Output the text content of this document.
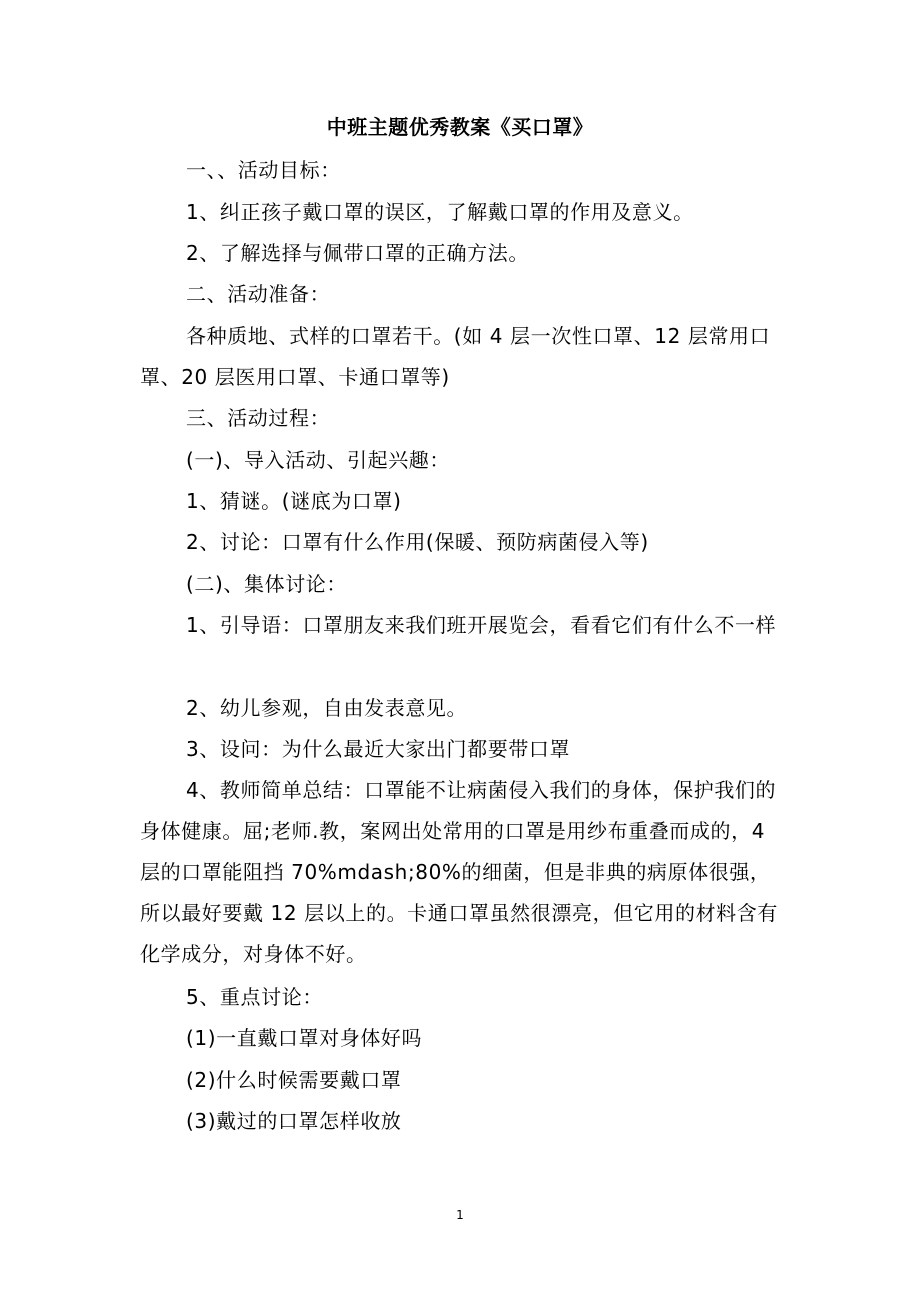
中班主题优秀教案《买口罩》

一、、活动目标：

1、纠正孩子戴口罩的误区，了解戴口罩的作用及意义。

2、了解选择与佩带口罩的正确方法。

二、活动准备：

各种质地、式样的口罩若干。(如 4 层一次性口罩、12 层常用口罩、20 层医用口罩、卡通口罩等)

三、活动过程：

(一)、导入活动、引起兴趣：

1、猜谜。(谜底为口罩)

2、讨论：口罩有什么作用(保暖、预防病菌侵入等)

(二)、集体讨论：

1、引导语：口罩朋友来我们班开展览会，看看它们有什么不一样

2、幼儿参观，自由发表意见。

3、设问：为什么最近大家出门都要带口罩

4、教师简单总结：口罩能不让病菌侵入我们的身体，保护我们的身体健康。屈;老师.教，案网出处常用的口罩是用纱布重叠而成的，4 层的口罩能阻挡 70%mdash;80%的细菌，但是非典的病原体很强，所以最好要戴 12 层以上的。卡通口罩虽然很漂亮，但它用的材料含有化学成分，对身体不好。

5、重点讨论：

(1)一直戴口罩对身体好吗

(2)什么时候需要戴口罩

(3)戴过的口罩怎样收放

1
